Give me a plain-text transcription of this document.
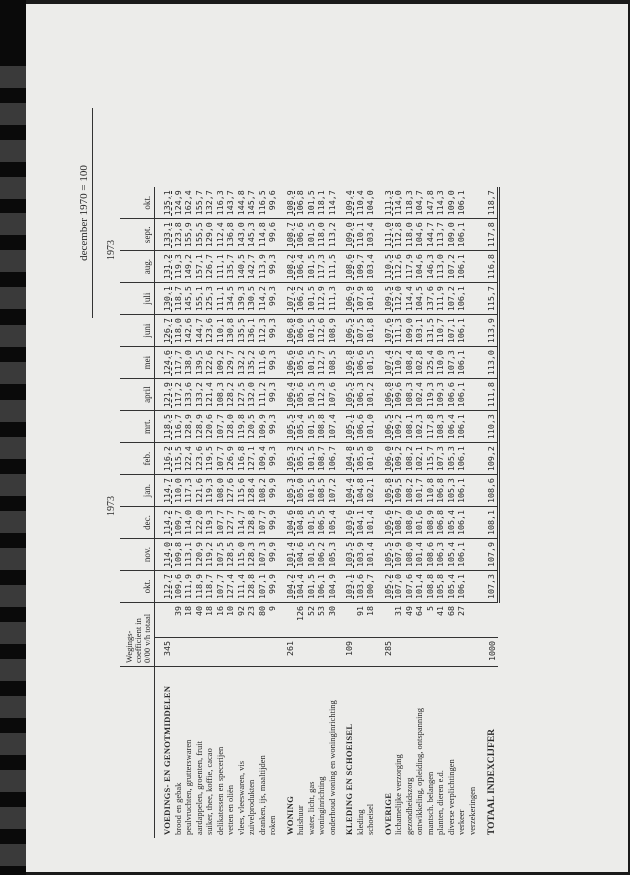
december 1970 = 100
1973
1973
	Wegings-coefficient in 0/00 v/h totaal		okt.	nov.	dec.	jan.	feb.	mrt.	april	mei	juni	juli	aug.	sept.	okt.
VOEDINGS- EN GENOTMIDDELEN	345		112,7	114,0	114,2	114,7	116,2	118,5	121,9	124,6	126,7	130,1	131,2	133,1	135,1
brood en gebak		39	109,6	109,8	109,7	110,0	115,5	116,7	117,2	117,7	118,0	118,7	119,3	123,8	124,9
peulvruchten, grutterswaren		18	111,9	113,1	114,0	117,3	122,4	128,9	133,6	138,0	142,6	145,5	149,2	155,9	162,4
aardappelen, groenten, fruit		40	118,9	120,9	122,0	121,6	123,6	128,9	133,2	139,5	144,7	155,1	157,1	155,5	155,7
suiker, thee, koffie, cacao		18	118,7	119,2	119,3	119,3	119,5	120,6	121,4	122,6	123,6	125,3	126,7	129,0	132,7
delikatessen en specerijen		16	107,7	107,5	107,7	108,0	107,7	107,7	108,3	109,2	110,1	111,1	111,1	112,4	116,3
vetten en oliën		10	127,4	128,5	127,7	127,6	126,9	128,0	128,2	129,7	130,8	134,5	135,7	136,8	143,7
vlees, vleeswaren, vis		92	111,4	115,0	114,7	115,6	116,8	119,8	127,5	132,2	135,5	139,3	140,5	143,0	144,8
zuivelprodukten		23	128,8	128,3	128,8	128,4	127,1	120,5	132,0	135,2	136,1	130,5	142,7	145,3	145,7
dranken, ijs, maaltijden		80	107,1	107,3	107,7	108,2	109,4	109,9	111,2	111,6	112,3	114,2	113,9	114,8	116,5
roken		9	99,9	99,9	99,9	99,9	99,3	99,3	99,3	99,3	99,3	99,3	99,3	99,6	99,6
WONING	261		104,2	101,4	104,6	105,3	105,3	105,5	106,4	106,6	106,8	107,2	108,2	108,7	108,9
huishuur		126	104,4	104,6	104,8	105,0	105,2	105,4	105,6	105,6	106,0	106,2	106,4	106,6	106,8
water, licht, gas		52	101,5	101,5	101,5	101,5	101,5	101,5	101,5	101,5	101,5	101,5	101,5	101,5	101,5
woninginrichting		53	106,1	106,2	106,5	108,5	108,7	108,8	112,3	112,7	112,6	112,9	117,3	118,0	118,1
onderhoud woning en woninginrichting		30	104,9	105,3	105,4	107,2	106,7	107,4	107,6	108,5	108,9	111,3	111,5	113,2	114,7
KLEDING EN SCHOEISEL	109		103,1	103,5	103,6	104,4	104,8	105,1	105,5	105,8	106,5	106,9	108,6	109,0	109,4
kleding		91	103,6	103,9	104,1	104,8	105,5	106,6	106,3	106,6	107,5	107,9	109,7	110,1	110,4
schoeisel		18	100,7	101,4	101,4	102,1	101,0	101,0	101,2	101,5	101,8	101,8	103,4	103,4	104,0
OVERIGE	285		105,2	105,5	105,6	105,8	106,0	106,5	106,8	107,4	107,6	109,5	110,5	111,0	111,3
lichamelijke verzorging		31	107,0	107,9	108,7	109,5	109,2	109,2	109,6	110,2	111,3	112,0	112,6	112,8	114,0
gezondheidszorg		49	107,6	108,0	108,0	108,2	108,2	108,1	108,3	108,4	109,0	114,4	117,9	118,0	118,3
ontwikkeling, opleiding, ontspanning		64	101,4	101,4	101,6	101,7	102,1	102,3	102,4	102,8	103,1	104,5	104,6	104,6	104,7
mantsch. belangen		5	108,8	108,6	108,9	110,8	115,7	117,8	119,3	125,4	131,5	137,6	146,3	144,7	147,8
planten, dieren e.d.		41	105,8	106,3	106,8	106,8	107,3	108,3	109,3	110,0	110,7	111,9	113,0	113,7	114,3
diverse verplichtingen		68	105,4	105,4	105,4	105,3	105,3	106,4	106,6	107,3	107,1	107,2	107,2	109,0	109,0
verkeer		27	106,1	106,1	106,1	106,1	106,1	106,1	106,1	106,1	106,1	106,1	106,1	106,1	106,1
verzekeringen															
TOTAAL INDEXCIJFER	1000		107,3	107,9	108,1	108,6	109,2	110,3	111,8	113,0	113,9	115,7	116,8	117,8	118,7
